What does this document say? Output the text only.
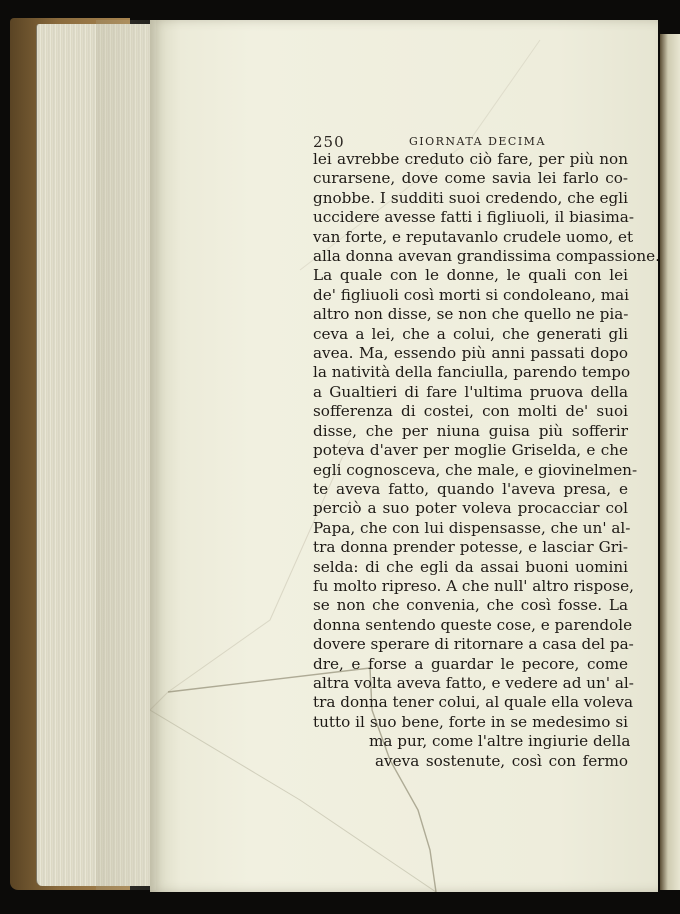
250	GIORNATA DECIMA
lei avrebbe creduto ciò fare, per più non
curarsene, dove come savia lei farlo co-
gnobbe. I sudditi suoi credendo, che egli
uccidere avesse fatti i figliuoli, il biasima-
van forte, e reputavanlo crudele uomo, et
alla donna avevan grandissima compassione.
La quale con le donne, le quali con lei
de' figliuoli così morti si condoleano, mai
altro non disse, se non che quello ne pia-
ceva a lei, che a colui, che generati gli
avea. Ma, essendo più anni passati dopo
la natività della fanciulla, parendo tempo
a Gualtieri di fare l'ultima pruova della
sofferenza di costei, con molti de' suoi
disse, che per niuna guisa più sofferir
poteva d'aver per moglie Griselda, e che
egli cognosceva, che male, e giovinelmen-
te aveva fatto, quando l'aveva presa, e
perciò a suo poter voleva procacciar col
Papa, che con lui dispensasse, che un' al-
tra donna prender potesse, e lasciar Gri-
selda: di che egli da assai buoni uomini
fu molto ripreso. A che null' altro rispose,
se non che convenia, che così fosse. La
donna sentendo queste cose, e parendole
dovere sperare di ritornare a casa del pa-
dre, e forse a guardar le pecore, come
altra volta aveva fatto, e vedere ad un' al-
tra donna tener colui, al quale ella voleva
tutto il suo bene, forte in se medesimo si
ma pur, come l'altre ingiurie della
aveva sostenute, così con fermo
